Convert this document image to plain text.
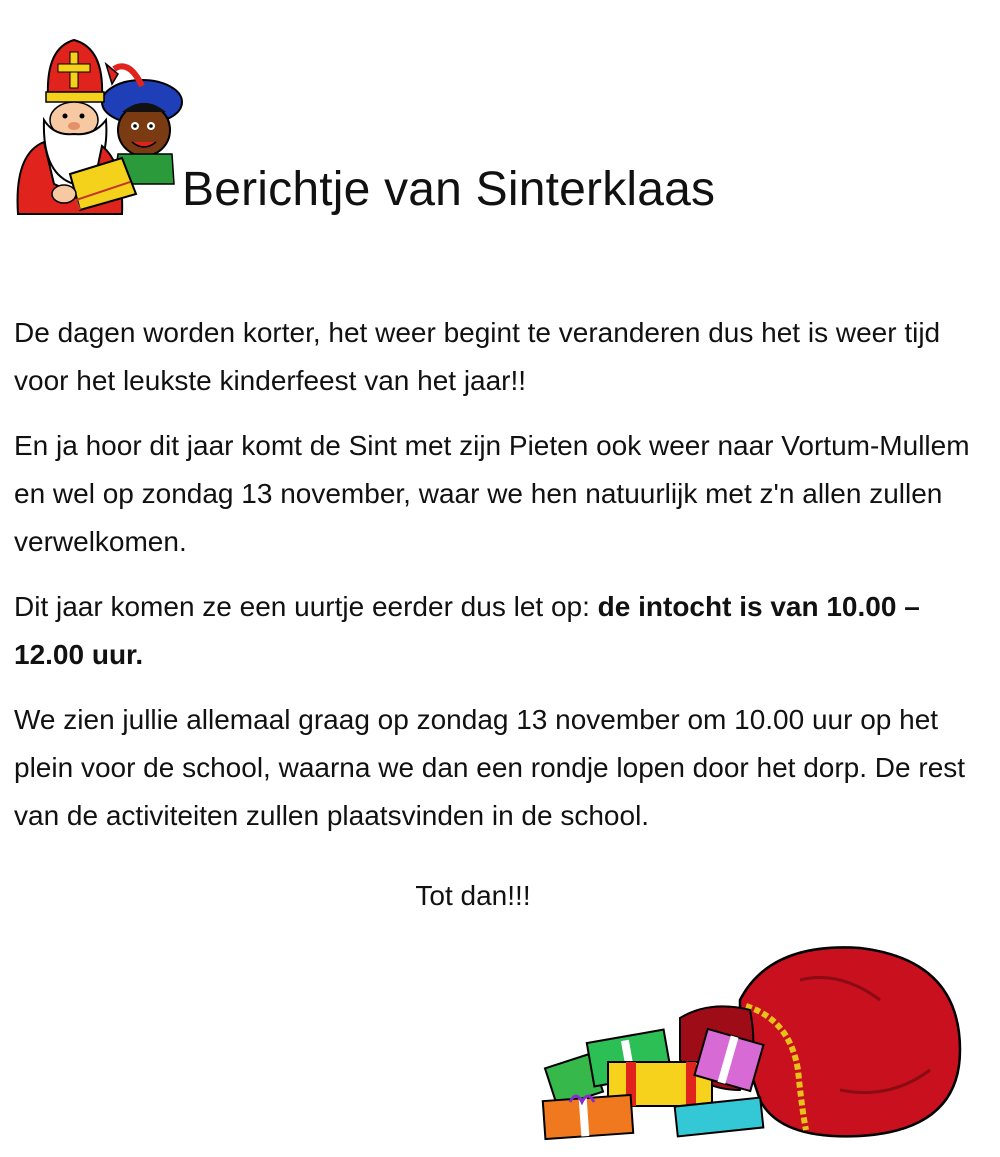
Berichtje van Sinterklaas

De dagen worden korter, het weer begint te veranderen dus het is weer tijd voor het leukste kinderfeest van het jaar!!

En ja hoor dit jaar komt de Sint met zijn Pieten ook weer naar Vortum-Mullem en wel op zondag 13 november, waar we hen natuurlijk met z'n allen zullen verwelkomen.

Dit jaar komen ze een uurtje eerder dus let op: de intocht is van 10.00 – 12.00 uur.

We zien jullie allemaal graag op zondag 13 november om 10.00 uur op het plein voor de school, waarna we dan een rondje lopen door het dorp. De rest van de activiteiten zullen plaatsvinden in de school.

Tot dan!!!
